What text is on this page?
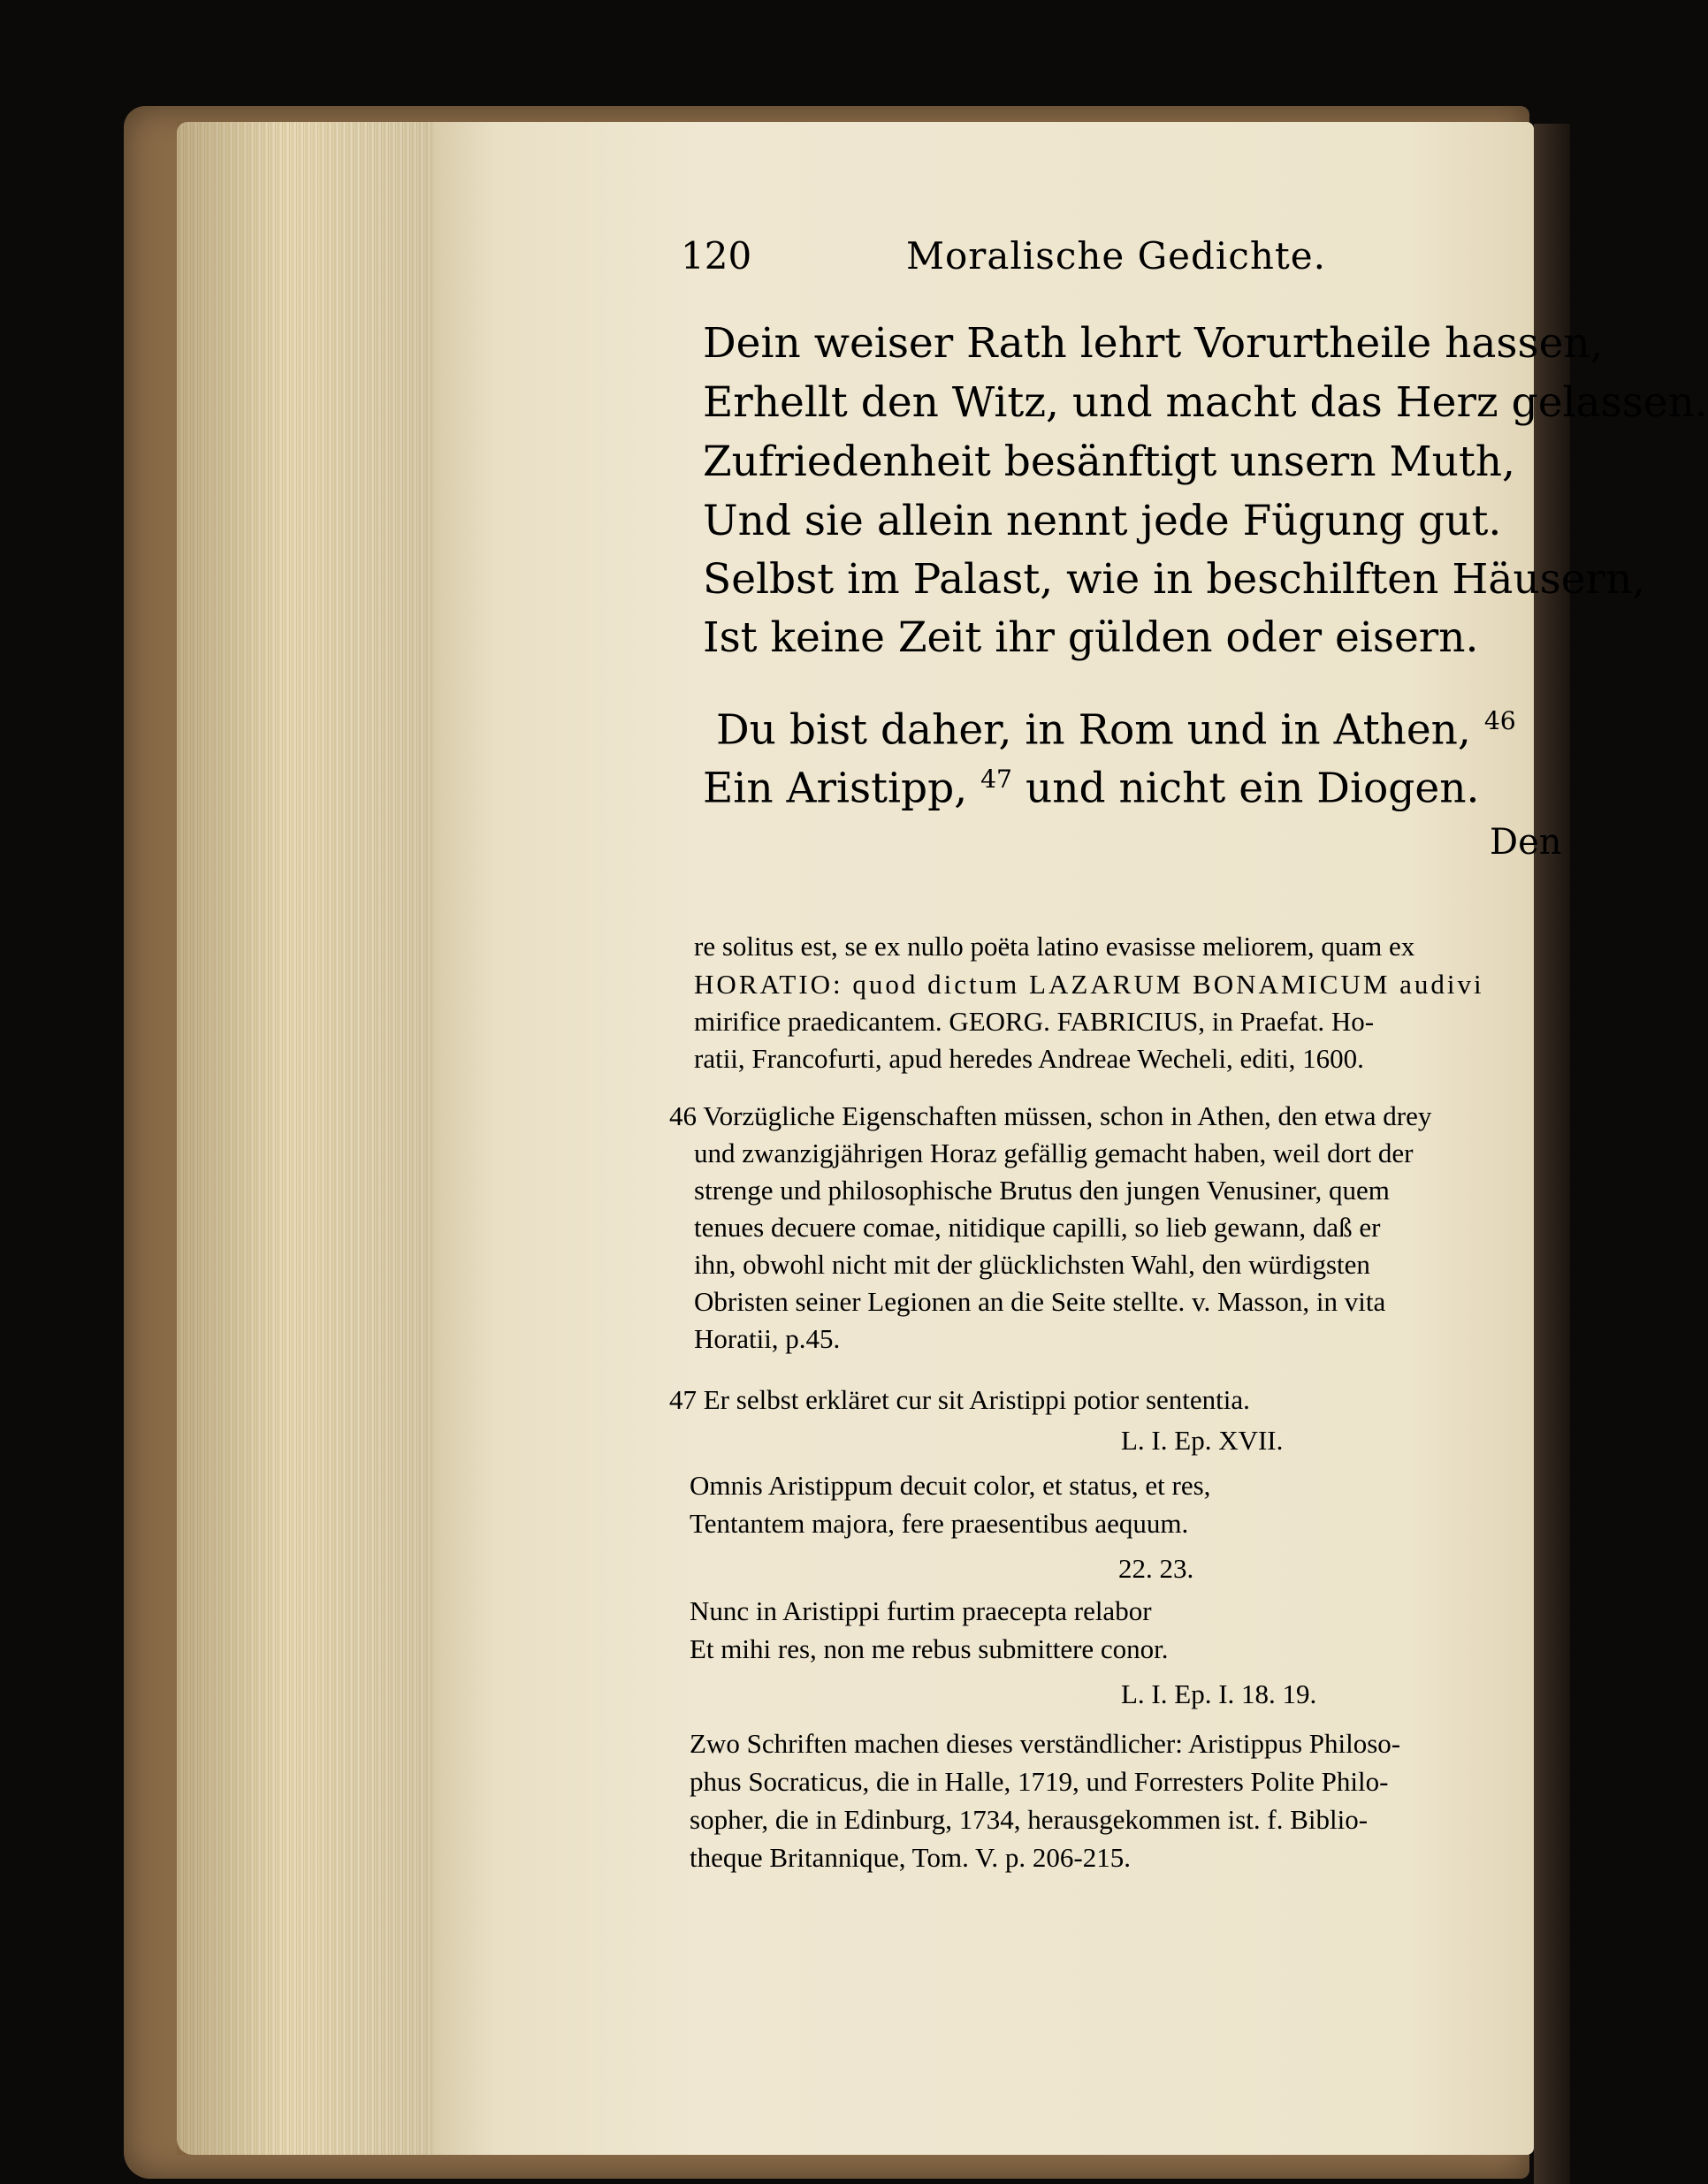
120	Moralische Gedichte.
Dein weiser Rath lehrt Vorurtheile hassen,
Erhellt den Witz, und macht das Herz gelassen.
Zufriedenheit besänftigt unsern Muth,
Und sie allein nennt jede Fügung gut.
Selbst im Palast, wie in beschilften Häusern,
Ist keine Zeit ihr gülden oder eisern.
Du bist daher, in Rom und in Athen, $^{46}$
Ein Aristipp, $^{47}$ und nicht ein Diogen.
Den
re solitus est, se ex nullo poëta latino evasisse meliorem, quam ex
HORATIO: quod dictum LAZARUM BONAMICUM audivi
mirifice praedicantem. GEORG. FABRICIUS, in Praefat. Ho-
ratii, Francofurti, apud heredes Andreae Wecheli, editi, 1600.
46 Vorzügliche Eigenschaften müssen, schon in Athen, den etwa drey
und zwanzigjährigen Horaz gefällig gemacht haben, weil dort der
strenge und philosophische Brutus den jungen Venusiner, quem
tenues decuere comae, nitidique capilli, so lieb gewann, daß er
ihn, obwohl nicht mit der glücklichsten Wahl, den würdigsten
Obristen seiner Legionen an die Seite stellte. v. Masson, in vita
Horatii, p.45.
47 Er selbst erkläret cur sit Aristippi potior sententia.
L. I. Ep. XVII.
Omnis Aristippum decuit color, et status, et res,
Tentantem majora, fere praesentibus aequum.
22. 23.
Nunc in Aristippi furtim praecepta relabor
Et mihi res, non me rebus submittere conor.
L. I. Ep. I. 18. 19.
Zwo Schriften machen dieses verständlicher: Aristippus Philoso-
phus Socraticus, die in Halle, 1719, und Forresters Polite Philo-
sopher, die in Edinburg, 1734, herausgekommen ist. f. Biblio-
theque Britannique, Tom. V. p. 206-215.
